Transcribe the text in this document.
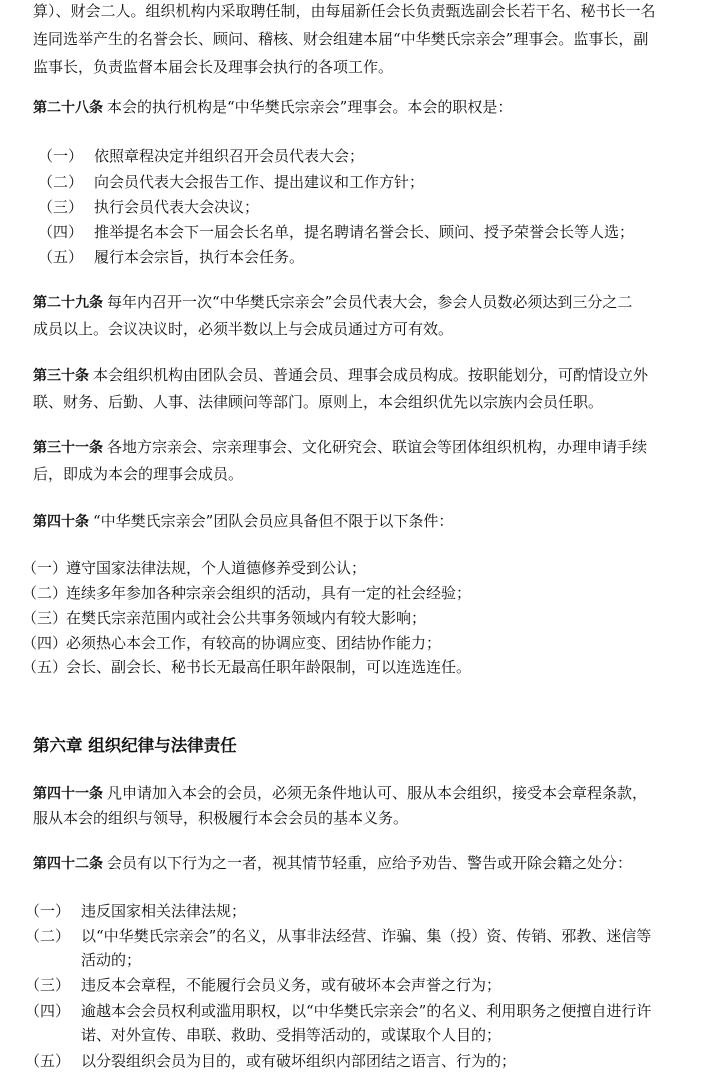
算）、财会二人。组织机构内采取聘任制，由每届新任会长负责甄选副会长若干名、秘书长一名
连同选举产生的名誉会长、顾问、稽核、财会组建本届“中华樊氏宗亲会”理事会。监事长，副
监事长，负责监督本届会长及理事会执行的各项工作。
第二十八条 本会的执行机构是“中华樊氏宗亲会”理事会。本会的职权是：
（一） 依照章程决定并组织召开会员代表大会；
（二） 向会员代表大会报告工作、提出建议和工作方针；
（三） 执行会员代表大会决议；
（四） 推举提名本会下一届会长名单，提名聘请名誉会长、顾问、授予荣誉会长等人选；
（五） 履行本会宗旨，执行本会任务。
第二十九条 每年内召开一次“中华樊氏宗亲会”会员代表大会，参会人员数必须达到三分之二
成员以上。会议决议时，必须半数以上与会成员通过方可有效。
第三十条 本会组织机构由团队会员、普通会员、理事会成员构成。按职能划分，可酌情设立外
联、财务、后勤、人事、法律顾问等部门。原则上，本会组织优先以宗族内会员任职。
第三十一条 各地方宗亲会、宗亲理事会、文化研究会、联谊会等团体组织机构，办理申请手续
后，即成为本会的理事会成员。
第四十条 “中华樊氏宗亲会”团队会员应具备但不限于以下条件：
（一）遵守国家法律法规，个人道德修养受到公认；
（二）连续多年参加各种宗亲会组织的活动，具有一定的社会经验；
（三）在樊氏宗亲范围内或社会公共事务领域内有较大影响；
（四）必须热心本会工作，有较高的协调应变、团结协作能力；
（五）会长、副会长、秘书长无最高任职年龄限制，可以连选连任。
第六章 组织纪律与法律责任
第四十一条 凡申请加入本会的会员，必须无条件地认可、服从本会组织，接受本会章程条款，
服从本会的组织与领导，积极履行本会会员的基本义务。
第四十二条 会员有以下行为之一者，视其情节轻重，应给予劝告、警告或开除会籍之处分：
（一） 违反国家相关法律法规；
（二） 以“中华樊氏宗亲会”的名义，从事非法经营、诈骗、集（投）资、传销、邪教、迷信等
活动的；
（三） 违反本会章程，不能履行会员义务，或有破坏本会声誉之行为；
（四） 逾越本会会员权利或滥用职权，以“中华樊氏宗亲会”的名义、利用职务之便擅自进行许
诺、对外宣传、串联、救助、受捐等活动的，或谋取个人目的；
（五） 以分裂组织会员为目的，或有破坏组织内部团结之语言、行为的；
